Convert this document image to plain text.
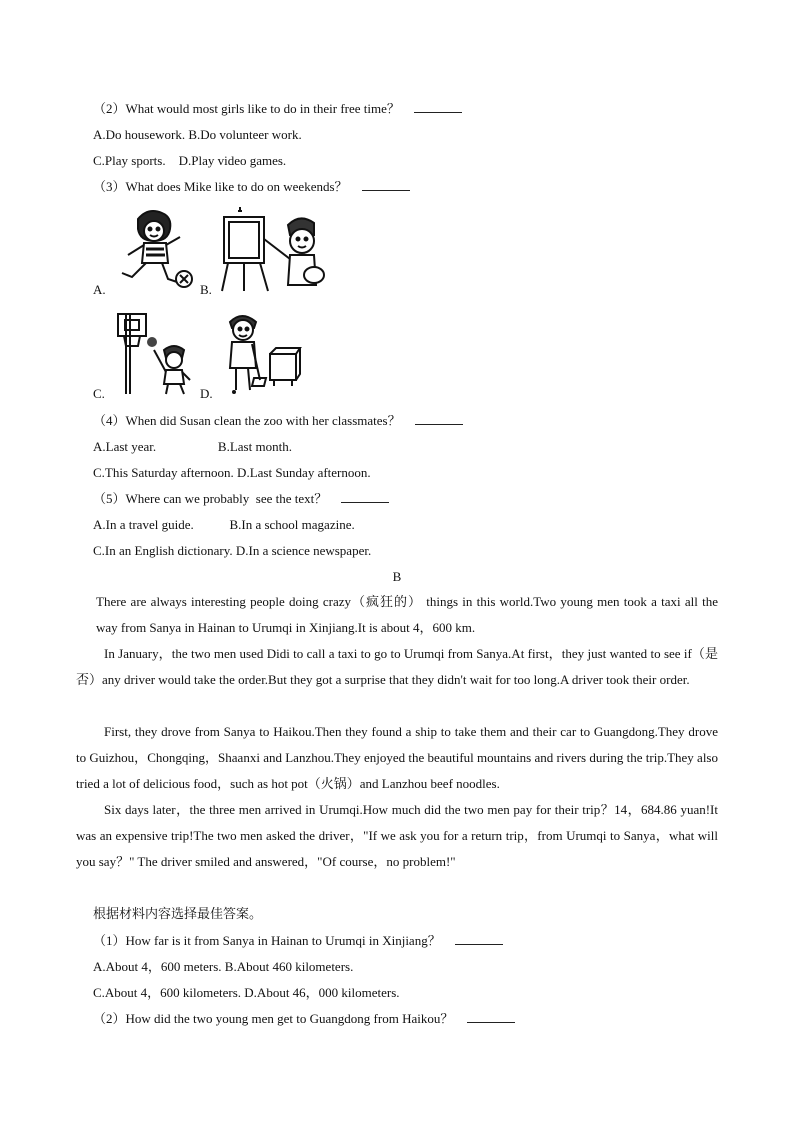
（2）What would most girls like to do in their free time？
A.Do housework. B.Do volunteer work.
C.Play sports.    D.Play video games.
（3）What does Mike like to do on weekends？
A.	B.
C.	D.
（4）When did Susan clean the zoo with her classmates？
A.Last year.                   B.Last month.
C.This Saturday afternoon. D.Last Sunday afternoon.
（5）Where can we probably  see the text？
A.In a travel guide.           B.In a school magazine.
C.In an English dictionary. D.In a science newspaper.
B
There are always interesting people doing crazy（疯狂的） things in this world.Two young men took a taxi all the way from Sanya in Hainan to Urumqi in Xinjiang.It is about 4，600 km.
In January，the two men used Didi to call a taxi to go to Urumqi from Sanya.At first，they just wanted to see if（是否）any driver would take the order.But they got a surprise that they didn't wait for too long.A driver took their order.
First, they drove from Sanya to Haikou.Then they found a ship to take them and their car to Guangdong.They drove to Guizhou，Chongqing，Shaanxi and Lanzhou.They enjoyed the beautiful mountains and rivers during the trip.They also tried a lot of delicious food，such as hot pot（火锅）and Lanzhou beef noodles.
Six days later，the three men arrived in Urumqi.How much did the two men pay for their trip？14，684.86 yuan!It was an expensive trip!The two men asked the driver，"If we ask you for a return trip，from Urumqi to Sanya，what will you say？" The driver smiled and answered，"Of course，no problem!"
根据材料内容选择最佳答案。
（1）How far is it from Sanya in Hainan to Urumqi in Xinjiang？
A.About 4，600 meters. B.About 460 kilometers.
C.About 4，600 kilometers. D.About 46，000 kilometers.
（2）How did the two young men get to Guangdong from Haikou？
